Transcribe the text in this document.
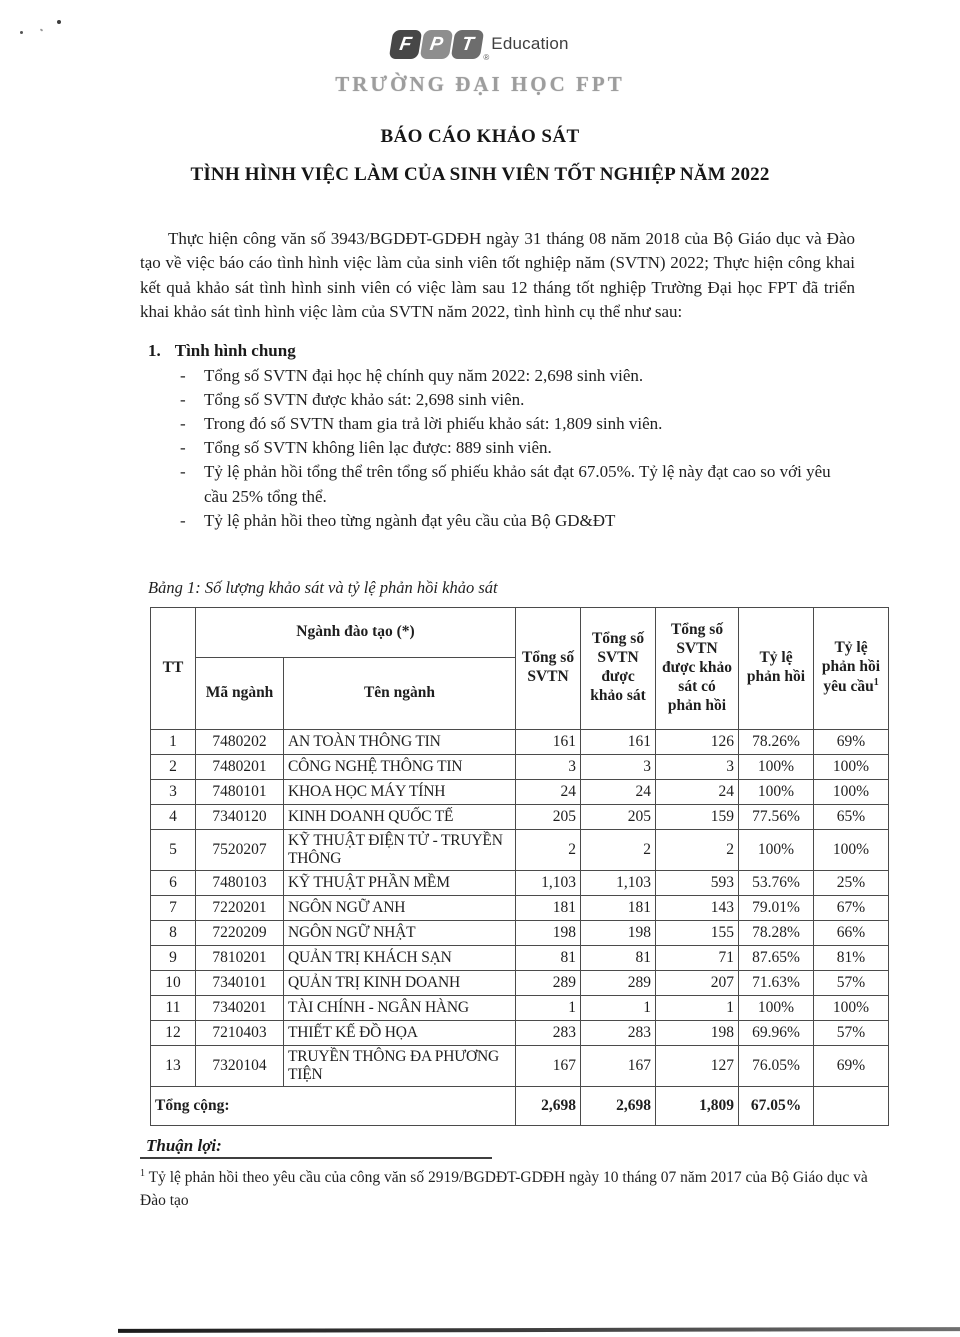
F P T
®
Education
TRƯỜNG ĐẠI HỌC FPT
BÁO CÁO KHẢO SÁT
TÌNH HÌNH VIỆC LÀM CỦA SINH VIÊN TỐT NGHIỆP NĂM 2022

Thực hiện công văn số 3943/BGDĐT-GDĐH ngày 31 tháng 08 năm 2018 của Bộ Giáo dục và Đào tạo về việc báo cáo tình hình việc làm của sinh viên tốt nghiệp năm (SVTN) 2022; Thực hiện công khai kết quả khảo sát tình hình sinh viên có việc làm sau 12 tháng tốt nghiệp Trường Đại học FPT đã triển khai khảo sát tình hình việc làm của SVTN năm 2022, tình hình cụ thể như sau:

1. Tình hình chung
- Tổng số SVTN đại học hệ chính quy năm 2022: 2,698 sinh viên.
- Tổng số SVTN được khảo sát: 2,698 sinh viên.
- Trong đó số SVTN tham gia trả lời phiếu khảo sát: 1,809 sinh viên.
- Tổng số SVTN không liên lạc được: 889 sinh viên.
- Tỷ lệ phản hồi tổng thể trên tổng số phiếu khảo sát đạt 67.05%. Tỷ lệ này đạt cao so với yêu cầu 25% tổng thể.
- Tỷ lệ phản hồi theo từng ngành đạt yêu cầu của Bộ GD&ĐT
Bảng 1: Số lượng khảo sát và tỷ lệ phản hồi khảo sát
TT	Ngành đào tạo (*)		Tổng số SVTN	Tổng số SVTN được khảo sát	Tổng số SVTN được khảo sát có phản hồi	Tỷ lệ phản hồi	Tỷ lệ phản hồi yêu cầu$^1$
	Mã ngành	Tên ngành					
1	7480202	AN TOÀN THÔNG TIN	161	161	126	78.26%	69%
2	7480201	CÔNG NGHỆ THÔNG TIN	3	3	3	100%	100%
3	7480101	KHOA HỌC MÁY TÍNH	24	24	24	100%	100%
4	7340120	KINH DOANH QUỐC TẾ	205	205	159	77.56%	65%
5	7520207	KỸ THUẬT ĐIỆN TỬ - TRUYỀN THÔNG	2	2	2	100%	100%
6	7480103	KỸ THUẬT PHẦN MỀM	1,103	1,103	593	53.76%	25%
7	7220201	NGÔN NGỮ ANH	181	181	143	79.01%	67%
8	7220209	NGÔN NGỮ NHẬT	198	198	155	78.28%	66%
9	7810201	QUẢN TRỊ KHÁCH SẠN	81	81	71	87.65%	81%
10	7340101	QUẢN TRỊ KINH DOANH	289	289	207	71.63%	57%
11	7340201	TÀI CHÍNH - NGÂN HÀNG	1	1	1	100%	100%
12	7210403	THIẾT KẾ ĐỒ HỌA	283	283	198	69.96%	57%
13	7320104	TRUYỀN THÔNG ĐA PHƯƠNG TIỆN	167	167	127	76.05%	69%
Tổng cộng:			2,698	2,698	1,809	67.05%	
Thuận lợi:
$^1$ Tỷ lệ phản hồi theo yêu cầu của công văn số 2919/BGDĐT-GDĐH ngày 10 tháng 07 năm 2017 của Bộ Giáo dục và Đào tạo
